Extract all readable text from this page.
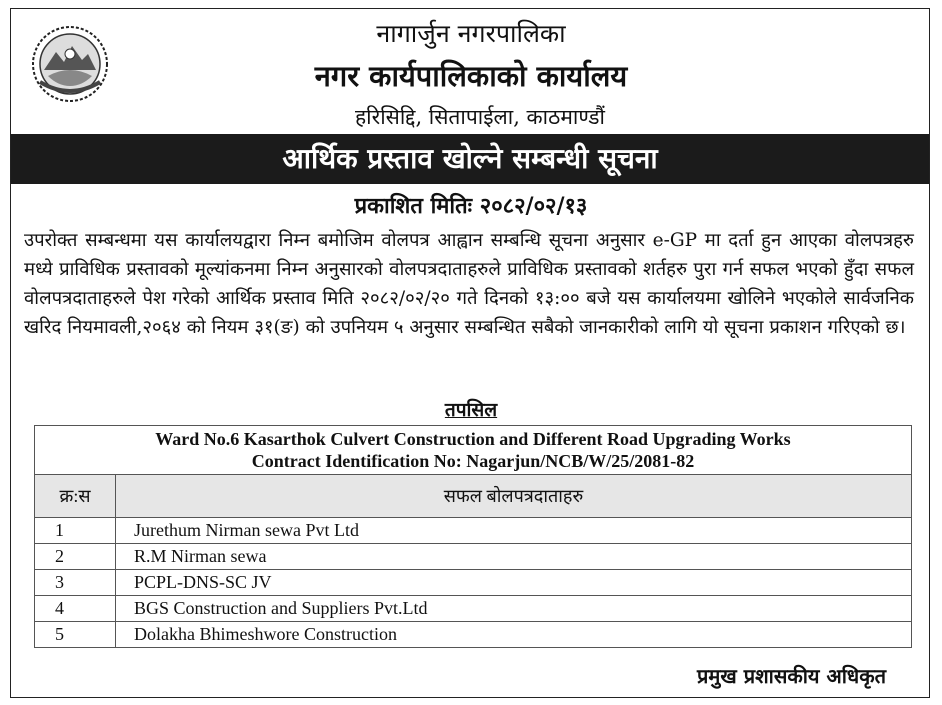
नागार्जुन नगरपालिका
नगर कार्यपालिकाको कार्यालय
हरिसिद्दि, सितापाईला, काठमाण्डौं
आर्थिक प्रस्ताव खोल्ने सम्बन्धी सूचना
प्रकाशित मितिः २०८२/०२/१३
उपरोक्त सम्बन्धमा यस कार्यालयद्वारा निम्न बमोजिम वोलपत्र आह्वान सम्बन्धि सूचना अनुसार e-GP मा दर्ता हुन आएका वोलपत्रहरु मध्ये प्राविधिक प्रस्तावको मूल्यांकनमा निम्न अनुसारको वोलपत्रदाताहरुले प्राविधिक प्रस्तावको शर्तहरु पुरा गर्न सफल भएको हुँदा सफल वोलपत्रदाताहरुले पेश गरेको आर्थिक प्रस्ताव मिति २०८२/०२/२० गते दिनको १३:०० बजे यस कार्यालयमा खोलिने भएकोले सार्वजनिक खरिद नियमावली,२०६४ को नियम ३१(ङ) को उपनियम ५ अनुसार सम्बन्धित सबैको जानकारीको लागि यो सूचना प्रकाशन गरिएको छ।
तपसिल
Ward No.6 Kasarthok Culvert Construction and Different Road Upgrading Works
Contract Identification No: Nagarjun/NCB/W/25/2081-82	

क्र:स	सफल बोलपत्रदाताहरु
1	Jurethum Nirman sewa Pvt Ltd
2	R.M Nirman sewa
3	PCPL-DNS-SC JV
4	BGS Construction and Suppliers Pvt.Ltd
5	Dolakha Bhimeshwore Construction
प्रमुख प्रशासकीय अधिकृत
